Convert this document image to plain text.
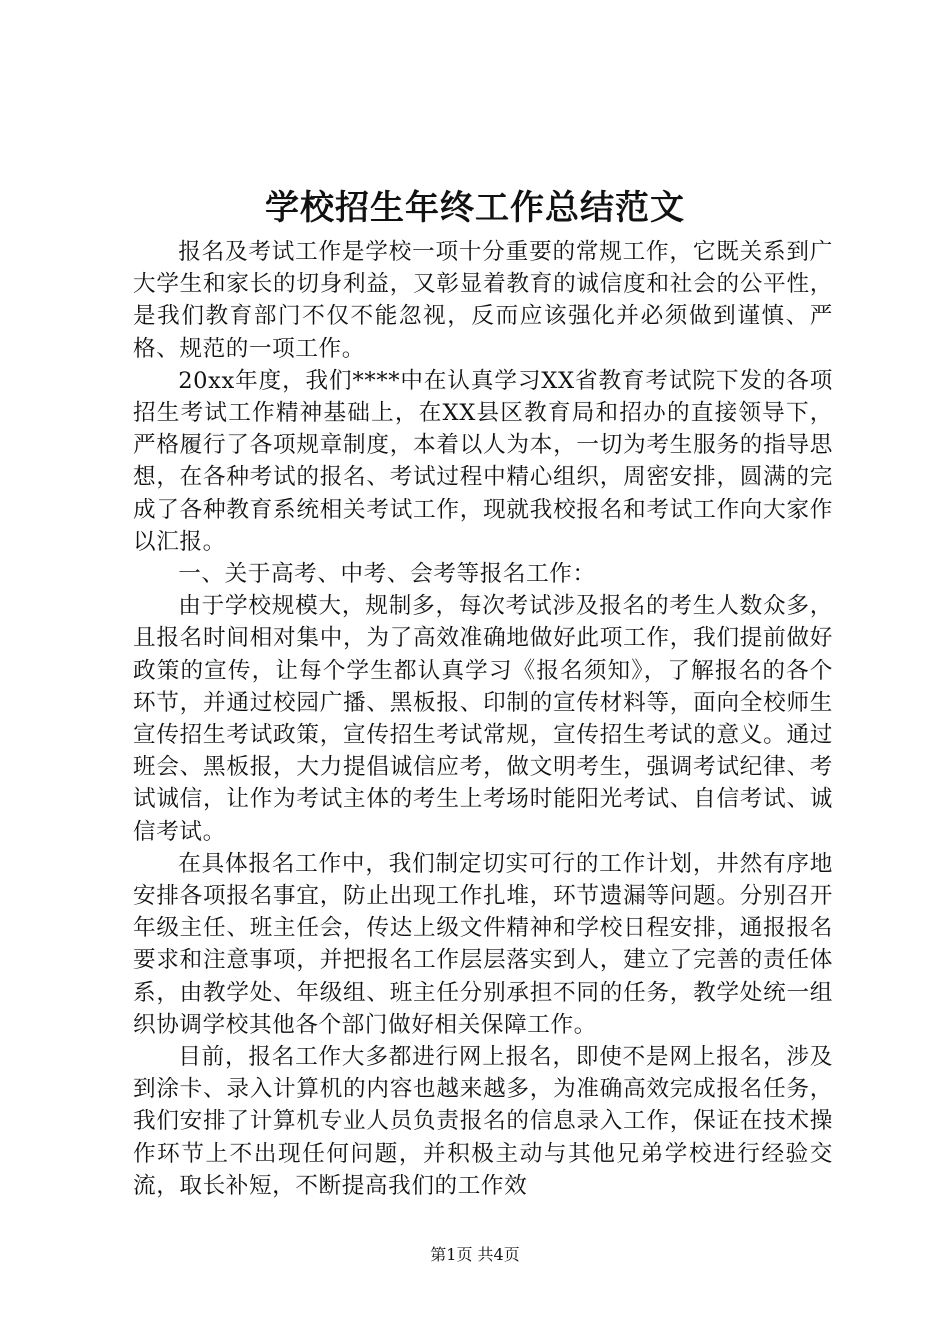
学校招生年终工作总结范文

报名及考试工作是学校一项十分重要的常规工作，它既关系到广大学生和家长的切身利益，又彰显着教育的诚信度和社会的公平性，是我们教育部门不仅不能忽视，反而应该强化并必须做到谨慎、严格、规范的一项工作。

20xx年度，我们****中在认真学习XX省教育考试院下发的各项招生考试工作精神基础上，在XX县区教育局和招办的直接领导下，严格履行了各项规章制度，本着以人为本，一切为考生服务的指导思想，在各种考试的报名、考试过程中精心组织，周密安排，圆满的完成了各种教育系统相关考试工作，现就我校报名和考试工作向大家作以汇报。

一、关于高考、中考、会考等报名工作：

由于学校规模大，规制多，每次考试涉及报名的考生人数众多，且报名时间相对集中，为了高效准确地做好此项工作，我们提前做好政策的宣传，让每个学生都认真学习《报名须知》，了解报名的各个环节，并通过校园广播、黑板报、印制的宣传材料等，面向全校师生宣传招生考试政策，宣传招生考试常规，宣传招生考试的意义。通过班会、黑板报，大力提倡诚信应考，做文明考生，强调考试纪律、考试诚信，让作为考试主体的考生上考场时能阳光考试、自信考试、诚信考试。

在具体报名工作中，我们制定切实可行的工作计划，井然有序地安排各项报名事宜，防止出现工作扎堆，环节遗漏等问题。分别召开年级主任、班主任会，传达上级文件精神和学校日程安排，通报报名要求和注意事项，并把报名工作层层落实到人，建立了完善的责任体系，由教学处、年级组、班主任分别承担不同的任务，教学处统一组织协调学校其他各个部门做好相关保障工作。

目前，报名工作大多都进行网上报名，即使不是网上报名，涉及到涂卡、录入计算机的内容也越来越多，为准确高效完成报名任务，我们安排了计算机专业人员负责报名的信息录入工作，保证在技术操作环节上不出现任何问题，并积极主动与其他兄弟学校进行经验交流，取长补短，不断提高我们的工作效

第1页 共4页
